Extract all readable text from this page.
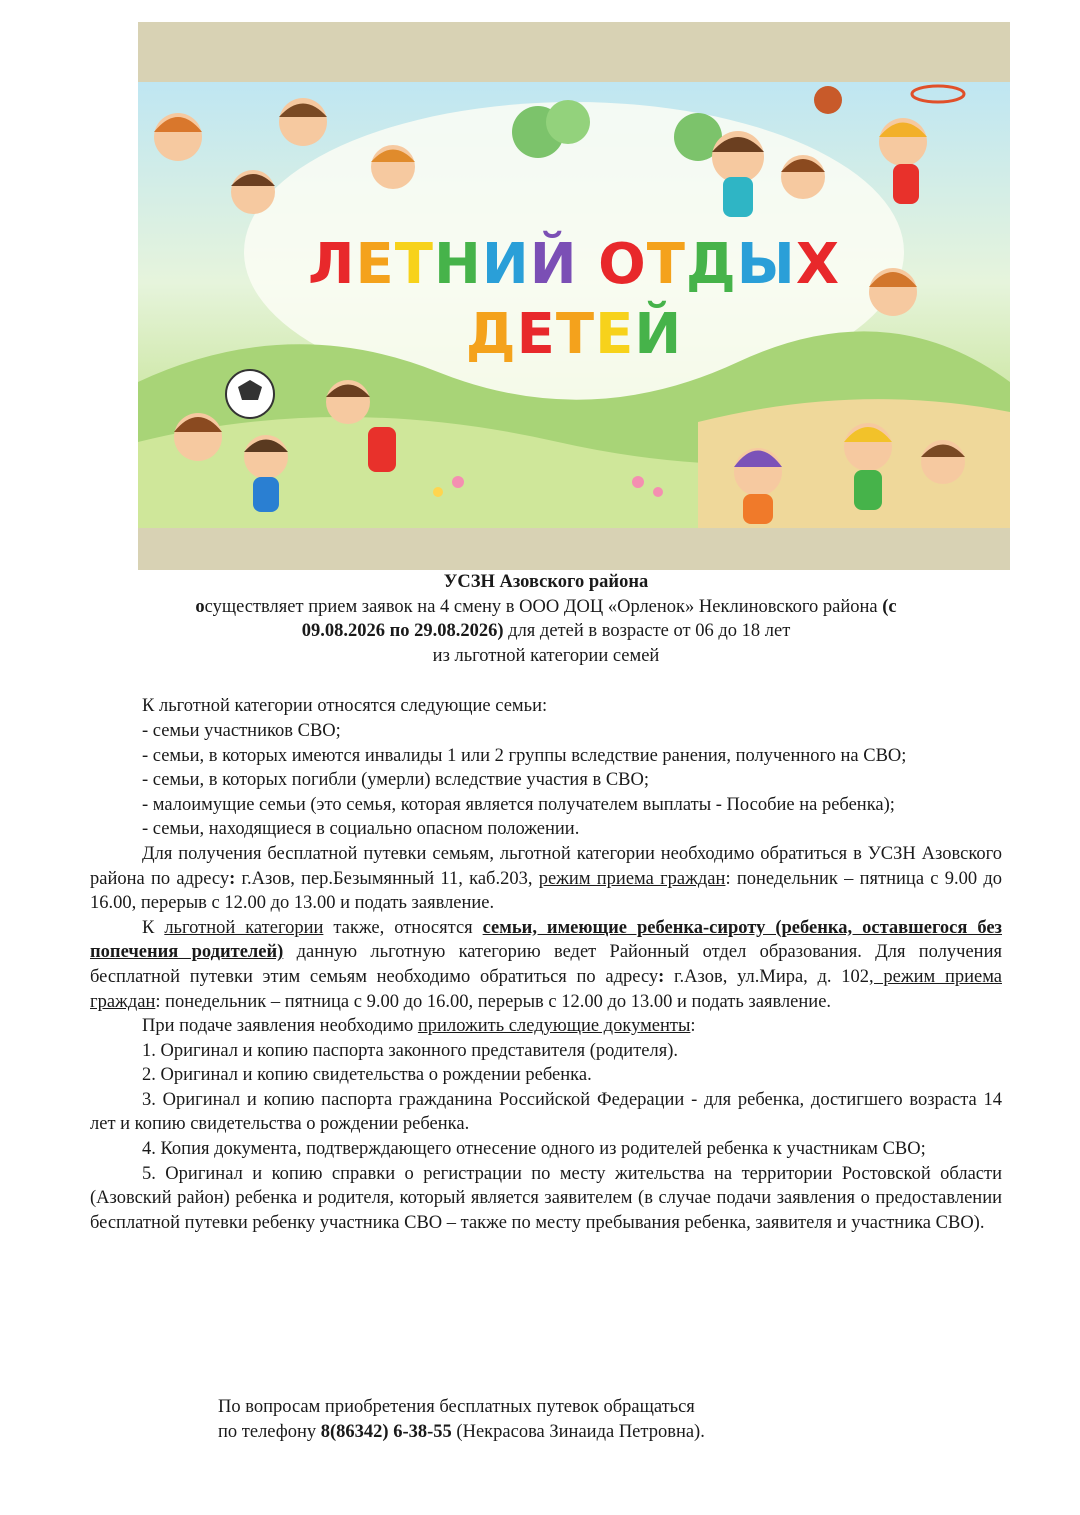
ЛЕТНИЙ ОТДЫХ
ДЕТЕЙ

УСЗН Азовского района

осуществляет прием заявок на 4 смену в ООО ДОЦ «Орленок» Неклиновского района (с

09.08.2026 по 29.08.2026) для детей в возрасте от 06 до 18 лет

из льготной категории семей

К льготной категории относятся следующие семьи:

- семьи участников СВО;

- семьи, в которых имеются инвалиды 1 или 2 группы вследствие ранения, полученного на СВО;

- семьи, в которых погибли (умерли) вследствие участия в СВО;

- малоимущие семьи (это семья, которая является получателем выплаты - Пособие на ребенка);

- семьи, находящиеся в социально опасном положении.

Для получения бесплатной путевки семьям, льготной категории необходимо обратиться в УСЗН Азовского района по адресу: г.Азов, пер.Безымянный 11, каб.203, режим приема граждан: понедельник – пятница с 9.00 до 16.00, перерыв с 12.00 до 13.00 и подать заявление.

К льготной категории также, относятся семьи, имеющие ребенка-сироту (ребенка, оставшегося без попечения родителей) данную льготную категорию ведет Районный отдел образования. Для получения бесплатной путевки этим семьям необходимо обратиться по адресу: г.Азов, ул.Мира, д. 102, режим приема граждан: понедельник – пятница с 9.00 до 16.00, перерыв с 12.00 до 13.00 и подать заявление.

При подаче заявления необходимо приложить следующие документы:

1. Оригинал и копию паспорта законного представителя (родителя).

2. Оригинал и копию свидетельства о рождении ребенка.

3. Оригинал и копию паспорта гражданина Российской Федерации - для ребенка, достигшего возраста 14 лет и копию свидетельства о рождении ребенка.

4. Копия документа, подтверждающего отнесение одного из родителей ребенка к участникам СВО;

5. Оригинал и копию справки о регистрации по месту жительства на территории Ростовской области (Азовский район) ребенка и родителя, который является заявителем (в случае подачи заявления о предоставлении бесплатной путевки ребенку участника СВО – также по месту пребывания ребенка, заявителя и участника СВО).

По вопросам приобретения бесплатных путевок обращаться

по телефону 8(86342) 6-38-55 (Некрасова Зинаида Петровна).
